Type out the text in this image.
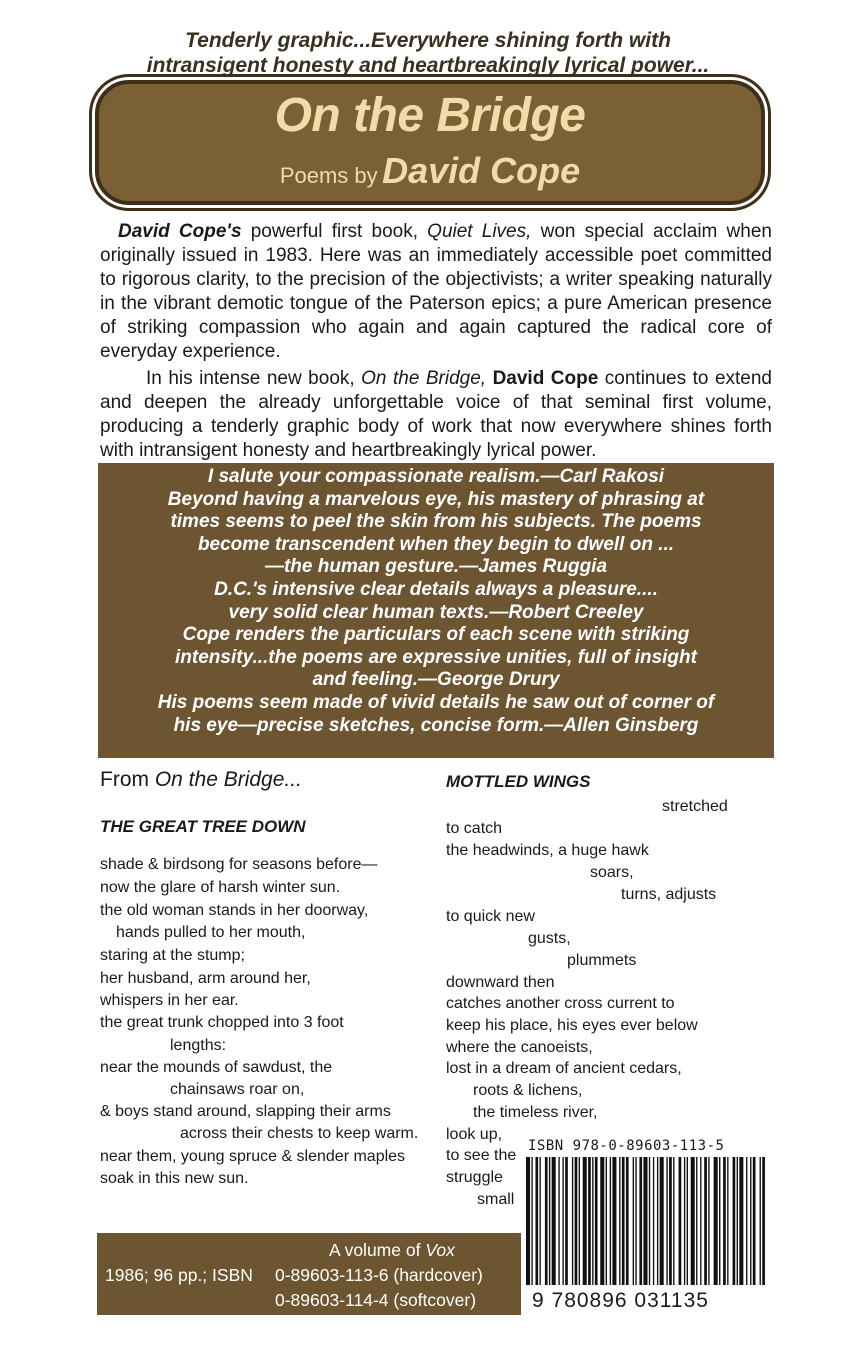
Tenderly graphic...Everywhere shining forth with
intransigent honesty and heartbreakingly lyrical power...
On the Bridge
Poems by David Cope

David Cope's powerful first book, Quiet Lives, won special acclaim when originally issued in 1983. Here was an immediately accessible poet committed to rigorous clarity, to the precision of the objectivists; a writer speaking naturally in the vibrant demotic tongue of the Paterson epics; a pure American presence of striking compassion who again and again captured the radical core of everyday experience.

In his intense new book, On the Bridge, David Cope continues to extend and deepen the already unforgettable voice of that seminal first volume, producing a tenderly graphic body of work that now everywhere shines forth with intransigent honesty and heartbreakingly lyrical power.

I salute your compassionate realism.—Carl Rakosi
Beyond having a marvelous eye, his mastery of phrasing at
times seems to peel the skin from his subjects. The poems
become transcendent when they begin to dwell on ...
—the human gesture.—James Ruggia
D.C.'s intensive clear details always a pleasure....
very solid clear human texts.—Robert Creeley
Cope renders the particulars of each scene with striking
intensity...the poems are expressive unities, full of insight
and feeling.—George Drury
His poems seem made of vivid details he saw out of corner of
his eye—precise sketches, concise form.—Allen Ginsberg
From On the Bridge...
THE GREAT TREE DOWN
shade & birdsong for seasons before—
now the glare of harsh winter sun.
the old woman stands in her doorway,
hands pulled to her mouth,
staring at the stump;
her husband, arm around her,
whispers in her ear.
the great trunk chopped into 3 foot
lengths:
near the mounds of sawdust, the
chainsaws roar on,
& boys stand around, slapping their arms
across their chests to keep warm.
near them, young spruce & slender maples
soak in this new sun.
MOTTLED WINGS
stretched
to catch
the headwinds, a huge hawk
soars,
turns, adjusts
to quick new
gusts,
plummets
downward then
catches another cross current to
keep his place, his eyes ever below
where the canoeists,
lost in a dream of ancient cedars,
roots & lichens,
the timeless river,
look up,
to see the
struggle
small
A volume of Vox
1986; 96 pp.; ISBN 0-89603-113-6 (hardcover)
0-89603-114-4 (softcover)
ISBN 978-0-89603-113-5
9 780896 031135
